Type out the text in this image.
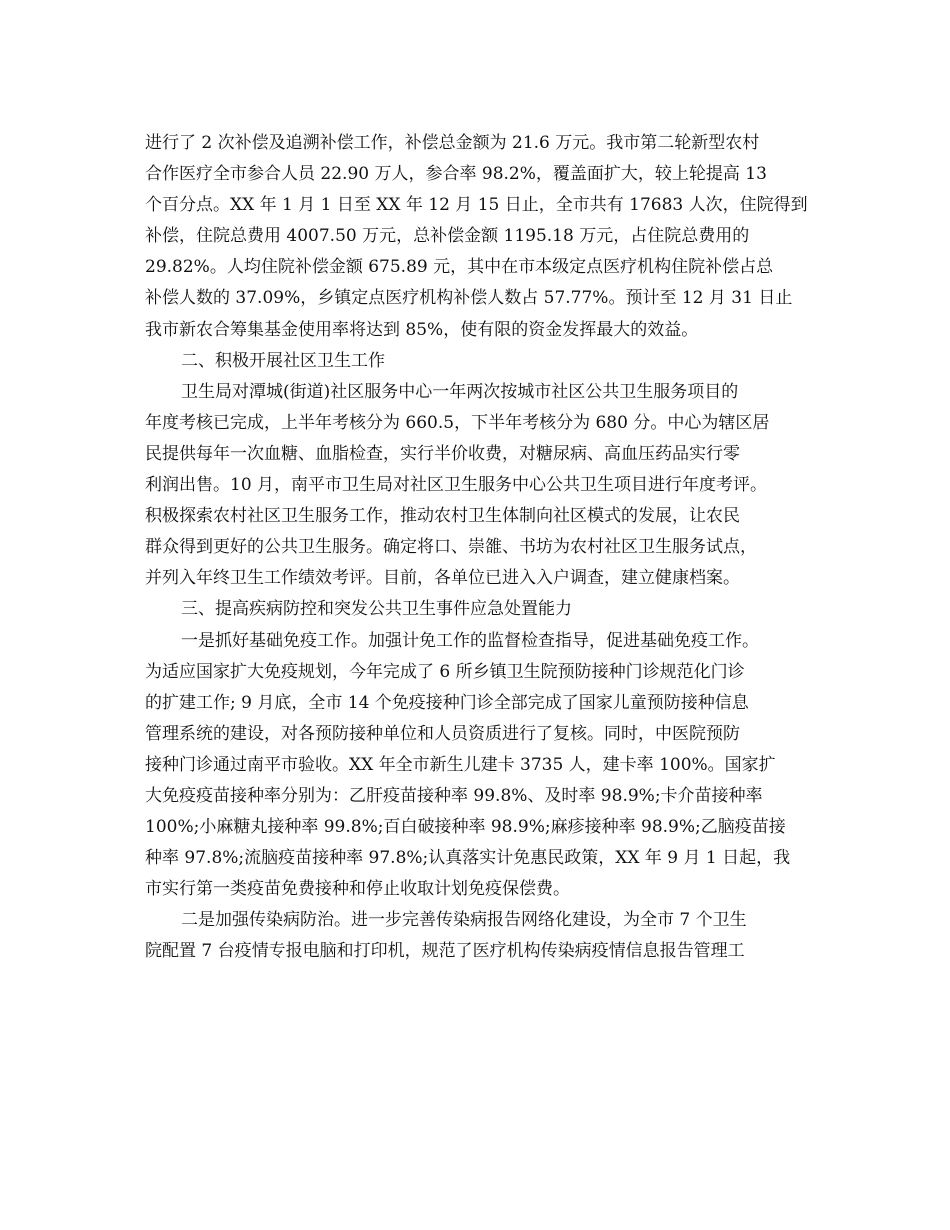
进行了 2 次补偿及追溯补偿工作，补偿总金额为 21.6 万元。我市第二轮新型农村
合作医疗全市参合人员 22.90 万人，参合率 98.2%，覆盖面扩大，较上轮提高 13
个百分点。XX 年 1 月 1 日至 XX 年 12 月 15 日止，全市共有 17683 人次，住院得到
补偿，住院总费用 4007.50 万元，总补偿金额 1195.18 万元，占住院总费用的
29.82%。人均住院补偿金额 675.89 元，其中在市本级定点医疗机构住院补偿占总
补偿人数的 37.09%，乡镇定点医疗机构补偿人数占 57.77%。预计至 12 月 31 日止
我市新农合筹集基金使用率将达到 85%，使有限的资金发挥最大的效益。
二、积极开展社区卫生工作
卫生局对潭城(街道)社区服务中心一年两次按城市社区公共卫生服务项目的
年度考核已完成，上半年考核分为 660.5，下半年考核分为 680 分。中心为辖区居
民提供每年一次血糖、血脂检查，实行半价收费，对糖尿病、高血压药品实行零
利润出售。10 月，南平市卫生局对社区卫生服务中心公共卫生项目进行年度考评。
积极探索农村社区卫生服务工作，推动农村卫生体制向社区模式的发展，让农民
群众得到更好的公共卫生服务。确定将口、崇雒、书坊为农村社区卫生服务试点，
并列入年终卫生工作绩效考评。目前，各单位已进入入户调查，建立健康档案。
三、提高疾病防控和突发公共卫生事件应急处置能力
一是抓好基础免疫工作。加强计免工作的监督检查指导，促进基础免疫工作。
为适应国家扩大免疫规划，今年完成了 6 所乡镇卫生院预防接种门诊规范化门诊
的扩建工作; 9 月底，全市 14 个免疫接种门诊全部完成了国家儿童预防接种信息
管理系统的建设，对各预防接种单位和人员资质进行了复核。同时，中医院预防
接种门诊通过南平市验收。XX 年全市新生儿建卡 3735 人，建卡率 100%。国家扩
大免疫疫苗接种率分别为：乙肝疫苗接种率 99.8%、及时率 98.9%;卡介苗接种率
100%;小麻糖丸接种率 99.8%;百白破接种率 98.9%;麻疹接种率 98.9%;乙脑疫苗接
种率 97.8%;流脑疫苗接种率 97.8%;认真落实计免惠民政策，XX 年 9 月 1 日起，我
市实行第一类疫苗免费接种和停止收取计划免疫保偿费。
二是加强传染病防治。进一步完善传染病报告网络化建设，为全市 7 个卫生
院配置 7 台疫情专报电脑和打印机，规范了医疗机构传染病疫情信息报告管理工
